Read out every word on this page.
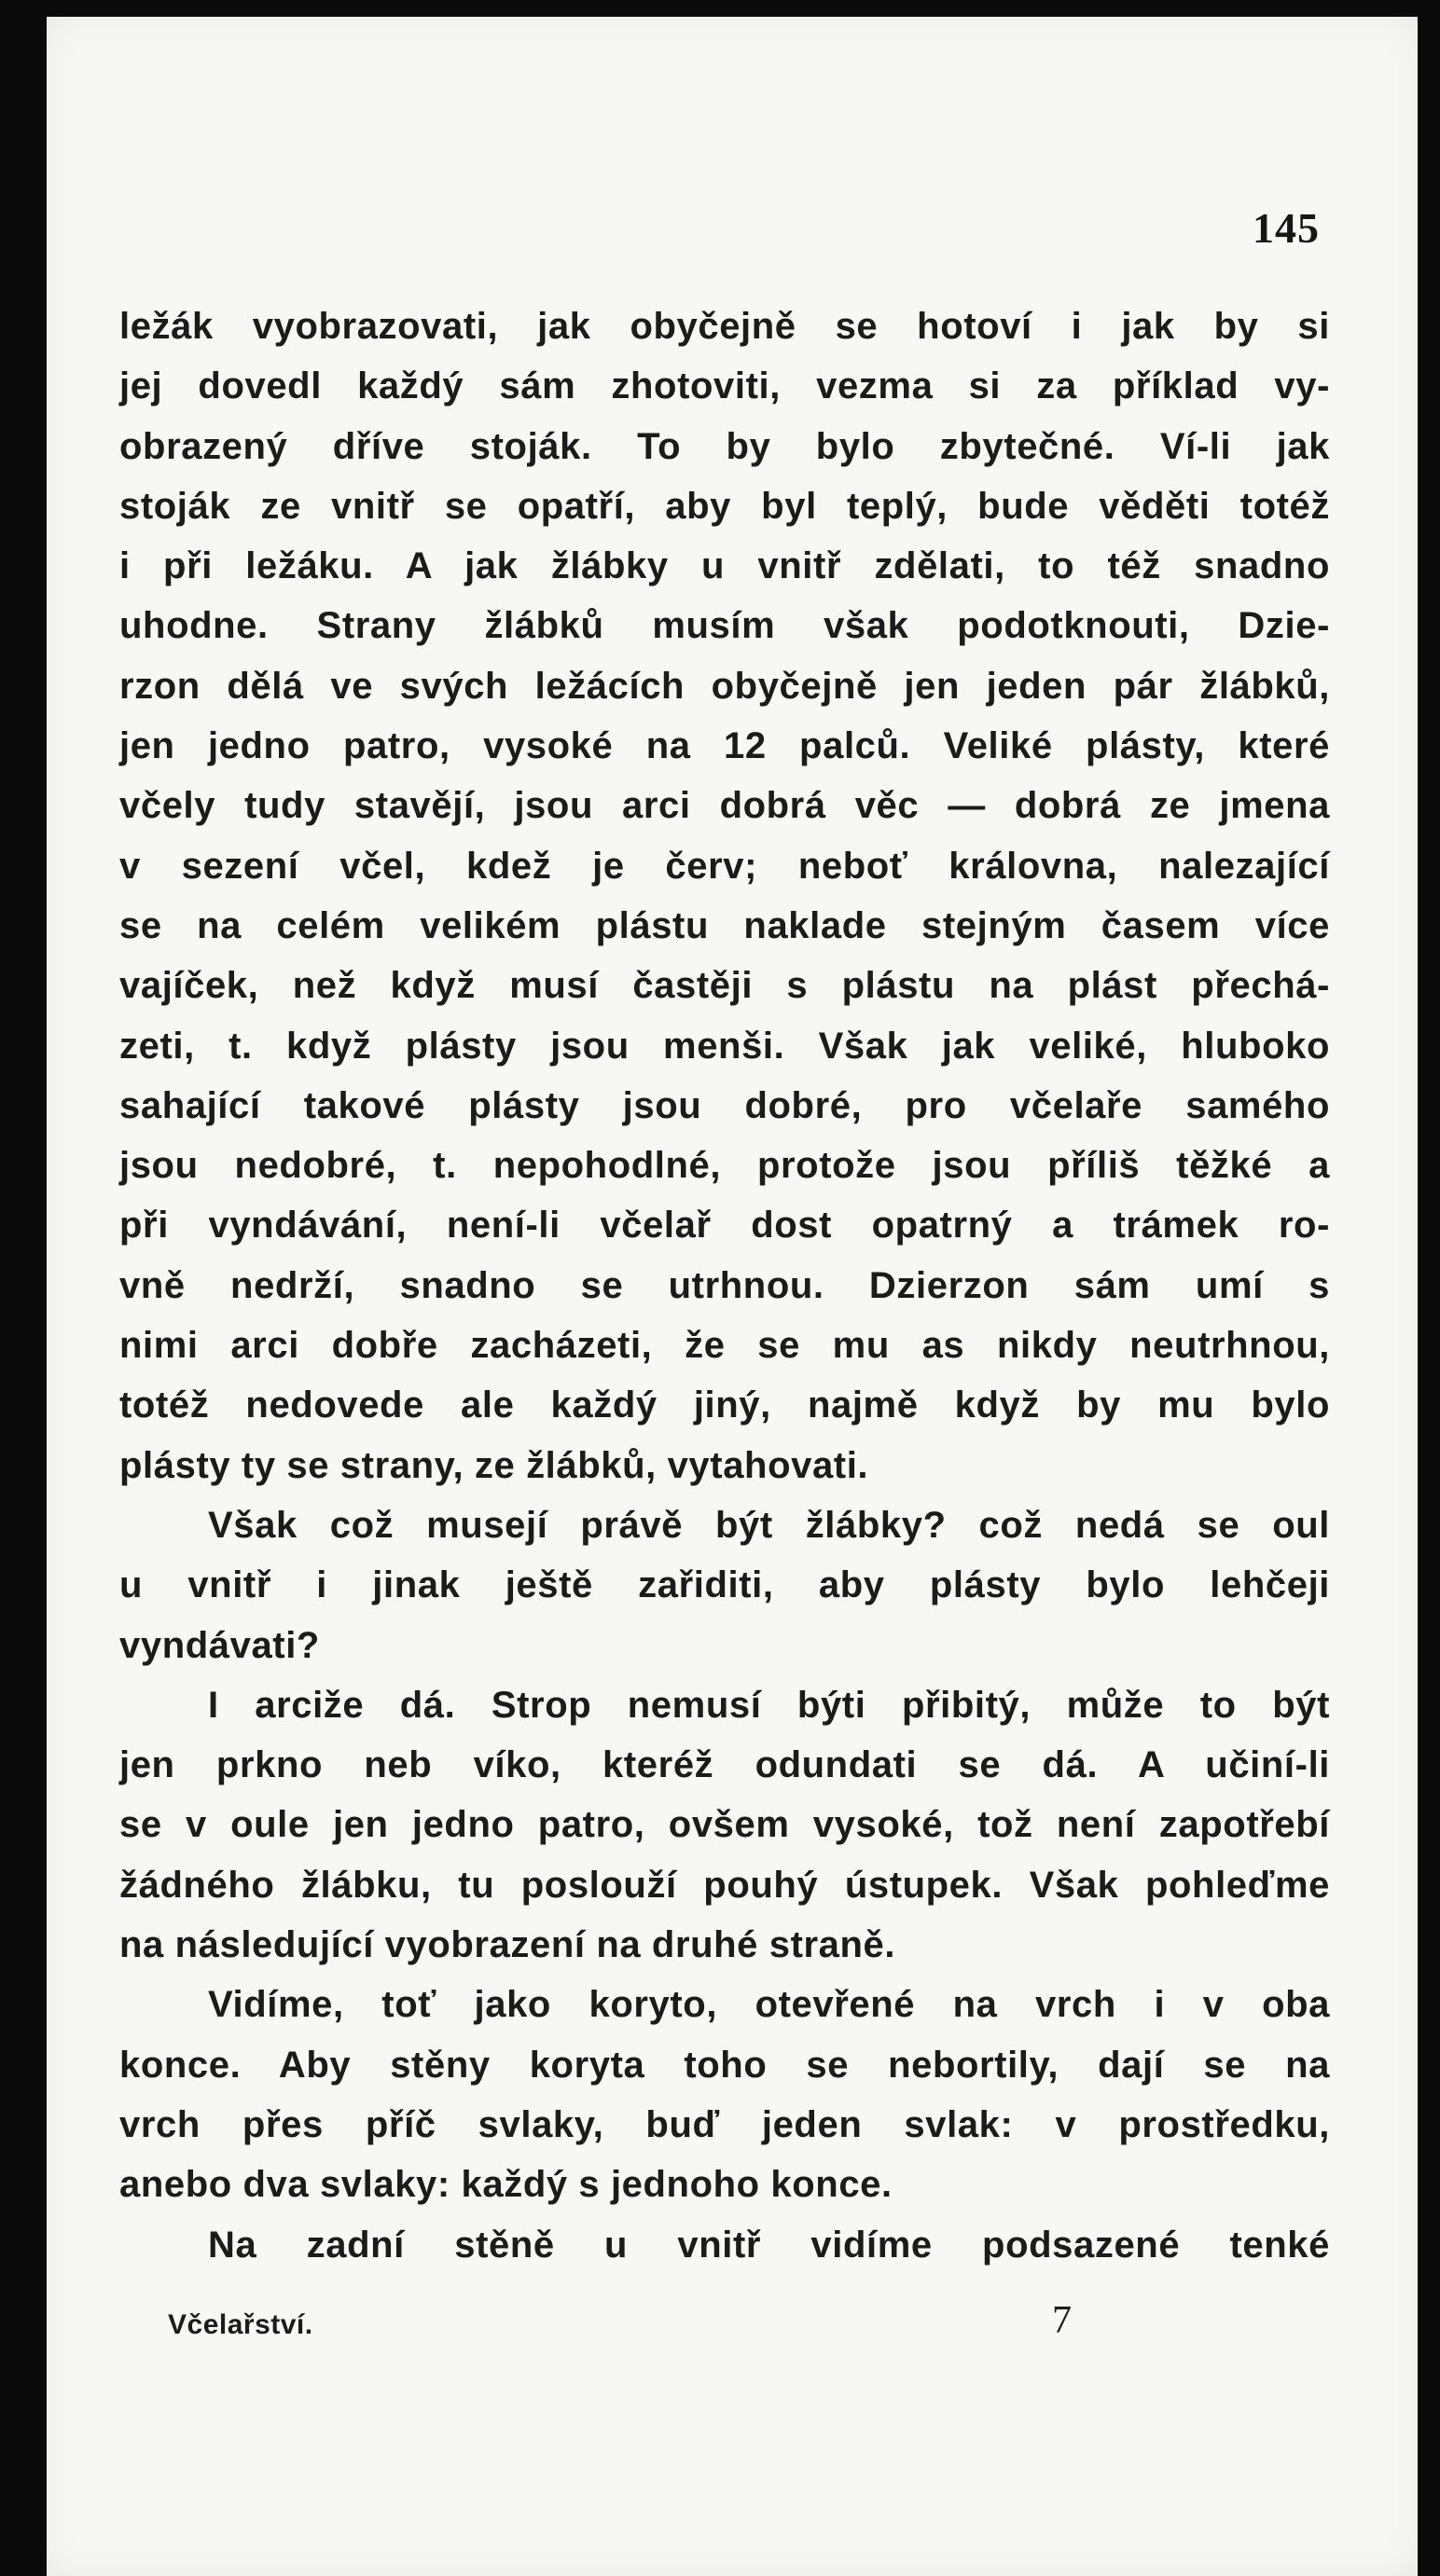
145

ležák vyobrazovati, jak obyčejně se hotoví i jak by si
jej dovedl každý sám zhotoviti, vezma si za příklad vy-
obrazený dříve stoják. To by bylo zbytečné. Ví-li jak
stoják ze vnitř se opatří, aby byl teplý, bude věděti totéž
i při ležáku. A jak žlábky u vnitř zdělati, to též snadno
uhodne. Strany žlábků musím však podotknouti, Dzie-
rzon dělá ve svých ležácích obyčejně jen jeden pár žlábků,
jen jedno patro, vysoké na 12 palců. Veliké plásty, které
včely tudy stavějí, jsou arci dobrá věc — dobrá ze jmena
v sezení včel, kdež je červ; neboť královna, nalezající
se na celém velikém plástu naklade stejným časem více
vajíček, než když musí častěji s plástu na plást přechá-
zeti, t. když plásty jsou menši. Však jak veliké, hluboko
sahající takové plásty jsou dobré, pro včelaře samého
jsou nedobré, t. nepohodlné, protože jsou příliš těžké a
při vyndávání, není-li včelař dost opatrný a trámek ro-
vně nedrží, snadno se utrhnou. Dzierzon sám umí s
nimi arci dobře zacházeti, že se mu as nikdy neutrhnou,
totéž nedovede ale každý jiný, najmě když by mu bylo
plásty ty se strany, ze žlábků, vytahovati.

Však což musejí právě být žlábky? což nedá se oul
u vnitř i jinak ještě zařiditi, aby plásty bylo lehčeji
vyndávati?

I arciže dá. Strop nemusí býti přibitý, může to být
jen prkno neb víko, kteréž odundati se dá. A učiní-li
se v oule jen jedno patro, ovšem vysoké, tož není zapotřebí
žádného žlábku, tu poslouží pouhý ústupek. Však pohleďme
na následující vyobrazení na druhé straně.

Vidíme, toť jako koryto, otevřené na vrch i v oba
konce. Aby stěny koryta toho se nebortily, dají se na
vrch přes příč svlaky, buď jeden svlak: v prostředku,
anebo dva svlaky: každý s jednoho konce.

Na zadní stěně u vnitř vidíme podsazené tenké

Včelařství.	7
